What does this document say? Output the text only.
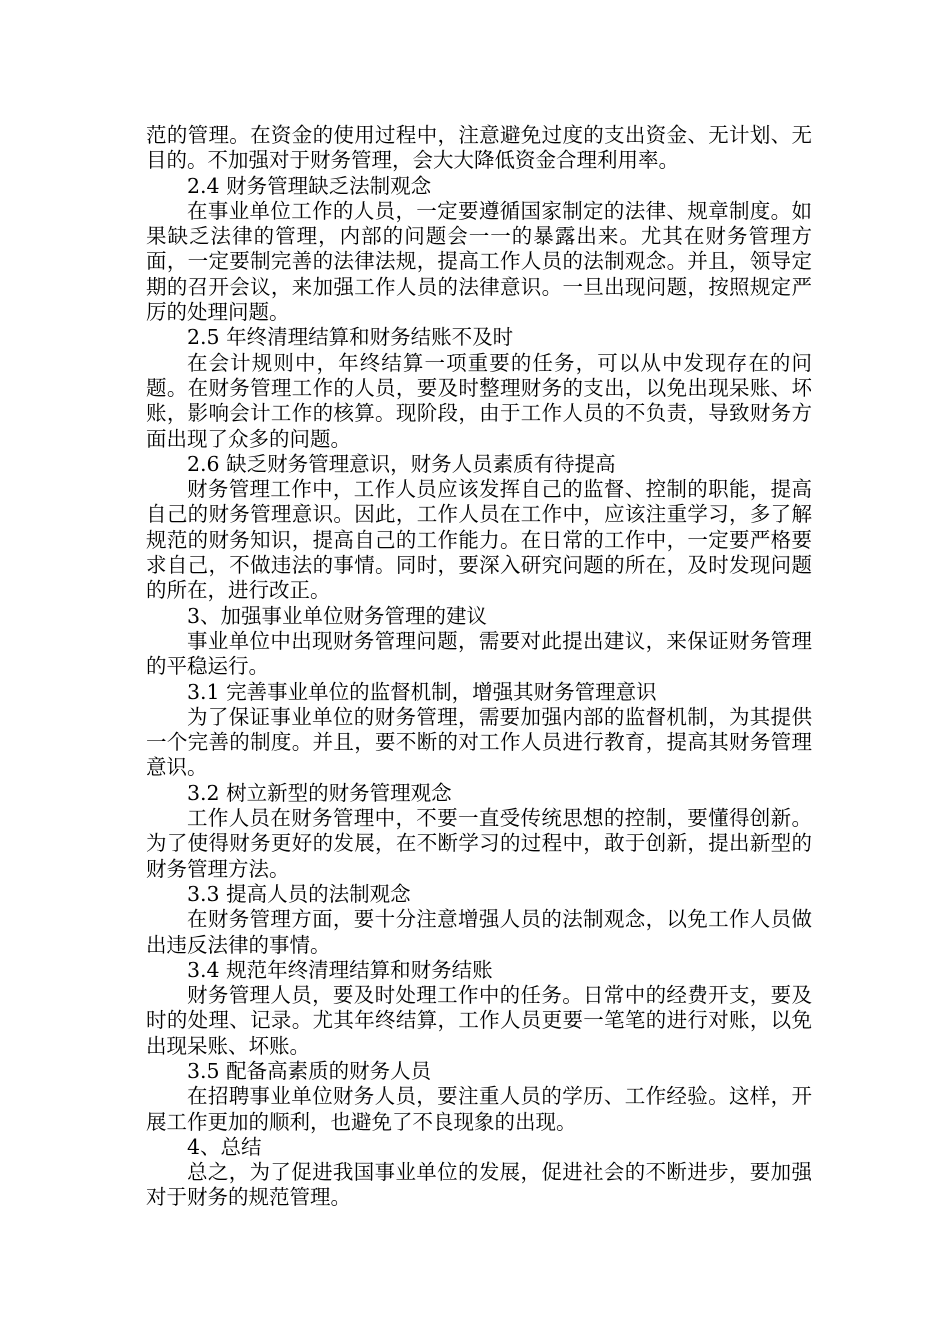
范的管理。在资金的使用过程中，注意避免过度的支出资金、无计划、无目的。不加强对于财务管理，会大大降低资金合理利用率。

2.4 财务管理缺乏法制观念

在事业单位工作的人员，一定要遵循国家制定的法律、规章制度。如果缺乏法律的管理，内部的问题会一一的暴露出来。尤其在财务管理方面，一定要制完善的法律法规，提高工作人员的法制观念。并且，领导定期的召开会议，来加强工作人员的法律意识。一旦出现问题，按照规定严厉的处理问题。

2.5 年终清理结算和财务结账不及时

在会计规则中，年终结算一项重要的任务，可以从中发现存在的问题。在财务管理工作的人员，要及时整理财务的支出，以免出现呆账、坏账，影响会计工作的核算。现阶段，由于工作人员的不负责，导致财务方面出现了众多的问题。

2.6 缺乏财务管理意识，财务人员素质有待提高

财务管理工作中，工作人员应该发挥自己的监督、控制的职能，提高自己的财务管理意识。因此，工作人员在工作中，应该注重学习，多了解规范的财务知识，提高自己的工作能力。在日常的工作中，一定要严格要求自己，不做违法的事情。同时，要深入研究问题的所在，及时发现问题的所在，进行改正。

3、加强事业单位财务管理的建议

事业单位中出现财务管理问题，需要对此提出建议，来保证财务管理的平稳运行。

3.1 完善事业单位的监督机制，增强其财务管理意识

为了保证事业单位的财务管理，需要加强内部的监督机制，为其提供一个完善的制度。并且，要不断的对工作人员进行教育，提高其财务管理意识。

3.2 树立新型的财务管理观念

工作人员在财务管理中，不要一直受传统思想的控制，要懂得创新。为了使得财务更好的发展，在不断学习的过程中，敢于创新，提出新型的财务管理方法。

3.3 提高人员的法制观念

在财务管理方面，要十分注意增强人员的法制观念，以免工作人员做出违反法律的事情。

3.4 规范年终清理结算和财务结账

财务管理人员，要及时处理工作中的任务。日常中的经费开支，要及时的处理、记录。尤其年终结算，工作人员更要一笔笔的进行对账，以免出现呆账、坏账。

3.5 配备高素质的财务人员

在招聘事业单位财务人员，要注重人员的学历、工作经验。这样，开展工作更加的顺利，也避免了不良现象的出现。

4、总结

总之，为了促进我国事业单位的发展，促进社会的不断进步，要加强对于财务的规范管理。
